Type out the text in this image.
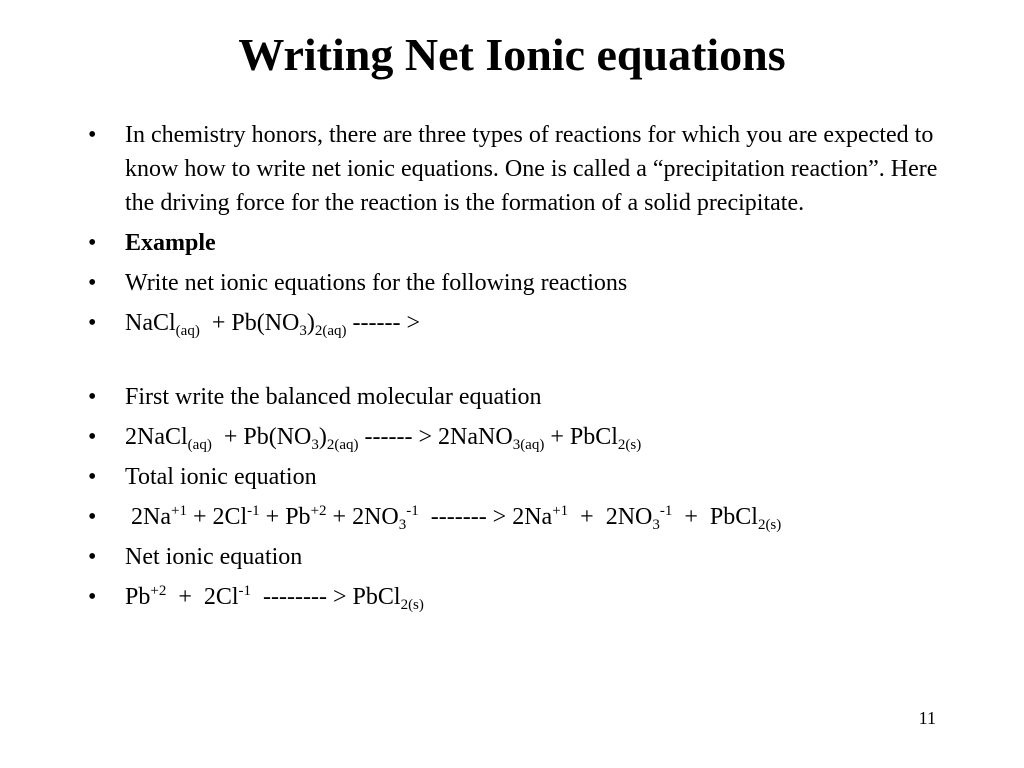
Writing Net Ionic equations
• In chemistry honors, there are three types of reactions for which you are expected to know how to write net ionic equations. One is called a “precipitation reaction”. Here the driving force for the reaction is the formation of a solid precipitate.
• Example
• Write net ionic equations for the following reactions
• NaCl$_{(aq)}$ + $Pb(NO_3)_{2(aq)}$ ------ >
• First write the balanced molecular equation
• 2NaCl$_{(aq)}$ + $Pb(NO_3)_{2(aq)}$ ------ > 2NaNO$_{3(aq)}$ + PbCl$_{2(s)}$
• Total ionic equation
• $2Na^{+1} + 2Cl^{-1} + Pb^{+2} + 2NO_3^{-1}$ ------- > $2Na^{+1} + 2NO_3^{-1}$ +  PbCl$_{2(s)}$
• Net ionic equation
• $Pb^{+2} + 2Cl^{-1}$ -------- > PbCl$_{2(s)}$
11
